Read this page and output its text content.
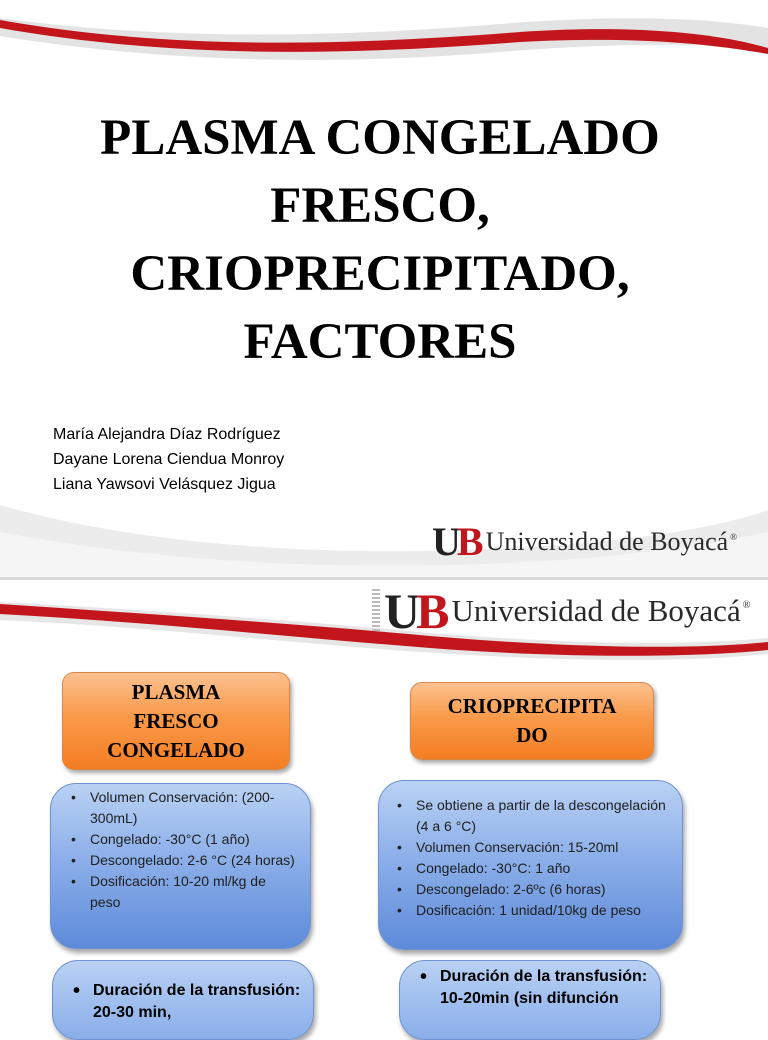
PLASMA CONGELADO
FRESCO,
CRIOPRECIPITADO,
FACTORES
María Alejandra Díaz Rodríguez
Dayane Lorena Ciendua Monroy
Liana Yawsovi Velásquez Jigua
UB Universidad de Boyacá ®
UB Universidad de Boyacá ®
PLASMA
FRESCO
CONGELADO
CRIOPRECIPITA
DO
• Volumen Conservación: (200-300mL)
• Congelado: -30°C (1 año)
• Descongelado: 2-6 °C (24 horas)
• Dosificación: 10-20 ml/kg de peso
• Se obtiene a partir de la descongelación (4 a 6 °C)
• Volumen Conservación: 15-20ml
• Congelado: -30°C: 1 año
• Descongelado: 2-6ºc (6 horas)
• Dosificación: 1 unidad/10kg de peso
• Duración de la transfusión: 20-30 min,
• Duración de la transfusión: 10-20min (sin difunción
